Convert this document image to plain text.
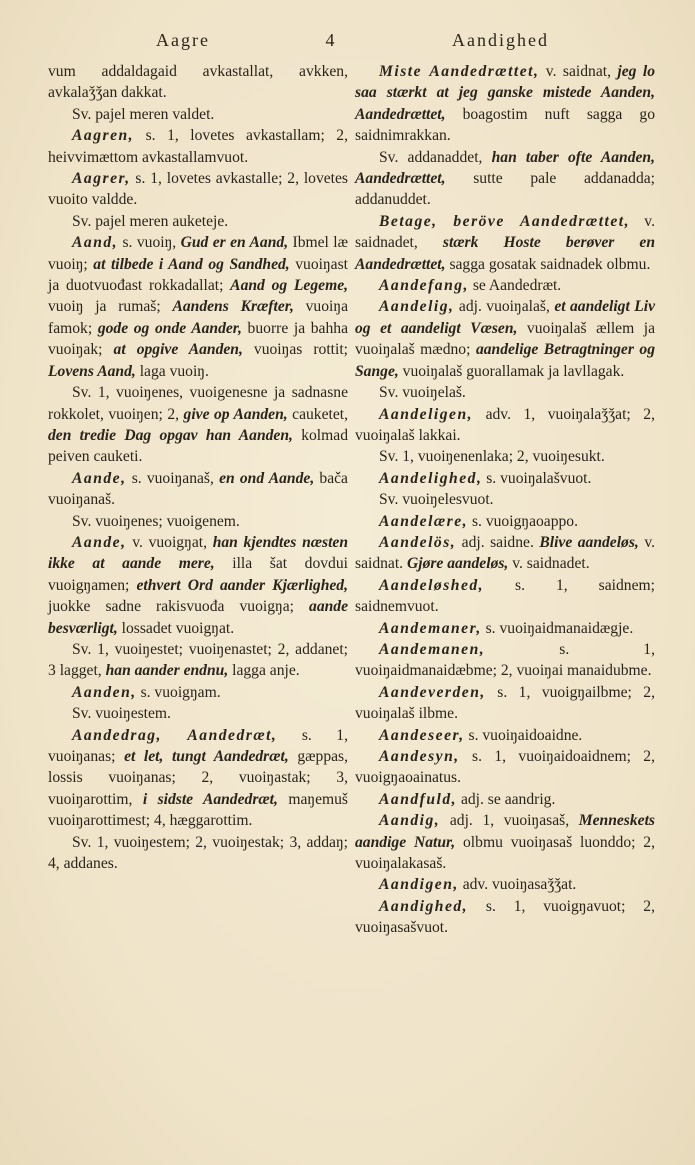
Aagre	4	Aandighed

vum addaldagaid avkastallat, avkken, avkalaǯǯan dakkat.

Sv. pajel meren valdet.

Aagren, s. 1, lovetes avkastallam; 2, heivvimættom avkastallamvuot.

Aagrer, s. 1, lovetes avkastalle; 2, lovetes vuoito valdde.

Sv. pajel meren auketeje.

Aand, s. vuoiŋ, Gud er en Aand, Ibmel læ vuoiŋ; at tilbede i Aand og Sandhed, vuoiŋast ja duotvuođast rokkadallat; Aand og Legeme, vuoiŋ ja rumaš; Aandens Kræfter, vuoiŋa famok; gode og onde Aander, buorre ja bahha vuoiŋak; at opgive Aanden, vuoiŋas rottit; Lovens Aand, laga vuoiŋ.

Sv. 1, vuoiŋenes, vuoigenesne ja sadnasne rokkolet, vuoiŋen; 2, give op Aanden, cauketet, den tredie Dag opgav han Aanden, kolmad peiven cauketi.

Aande, s. vuoiŋanaš, en ond Aande, bača vuoiŋanaš.

Sv. vuoiŋenes; vuoigenem.

Aande, v. vuoigŋat, han kjendtes næsten ikke at aande mere, illa šat dovdui vuoigŋamen; ethvert Ord aander Kjærlighed, juokke sadne rakisvuođa vuoigŋa; aande besværligt, lossadet vuoigŋat.

Sv. 1, vuoiŋestet; vuoiŋenastet; 2, addanet; 3 lagget, han aander endnu, lagga anje.

Aanden, s. vuoigŋam.

Sv. vuoiŋestem.

Aandedrag, Aandedræt, s. 1, vuoiŋanas; et let, tungt Aandedræt, gæppas, lossis vuoiŋanas; 2, vuoiŋastak; 3, vuoiŋarottim, i sidste Aandedræt, maŋemuš vuoiŋarottimest; 4, hæggarottim.

Sv. 1, vuoiŋestem; 2, vuoiŋestak; 3, addaŋ; 4, addanes.

Miste Aandedrættet, v. saidnat, jeg lo saa stærkt at jeg ganske mistede Aanden, Aandedrættet, boagostim nuft sagga go saidnimrakkan.

Sv. addanaddet, han taber ofte Aanden, Aandedrættet, sutte pale addanadda; addanuddet.

Betage, beröve Aandedrættet, v. saidnadet, stærk Hoste berøver en Aandedrættet, sagga gosatak saidnadek olbmu.

Aandefang, se Aandedræt.

Aandelig, adj. vuoiŋalaš, et aandeligt Liv og et aandeligt Væsen, vuoiŋalaš ællem ja vuoiŋalaš mædno; aandelige Betragtninger og Sange, vuoiŋalaš guorallamak ja lavllagak.

Sv. vuoiŋelaš.

Aandeligen, adv. 1, vuoiŋalaǯǯat; 2, vuoiŋalaš lakkai.

Sv. 1, vuoiŋenenlaka; 2, vuoiŋesukt.

Aandelighed, s. vuoiŋalašvuot.

Sv. vuoiŋelesvuot.

Aandelære, s. vuoigŋaoappo.

Aandelös, adj. saidne. Blive aandeløs, v. saidnat. Gjøre aandeløs, v. saidnadet.

Aandeløshed, s. 1, saidnem; saidnemvuot.

Aandemaner, s. vuoiŋaidmanaidægje.

Aandemanen, s. 1, vuoiŋaidmanaidæbme; 2, vuoiŋai manaidubme.

Aandeverden, s. 1, vuoigŋailbme; 2, vuoiŋalaš ilbme.

Aandeseer, s. vuoiŋaidoaidne.

Aandesyn, s. 1, vuoiŋaidoaidnem; 2, vuoigŋaoainatus.

Aandfuld, adj. se aandrig.

Aandig, adj. 1, vuoiŋasaš, Menneskets aandige Natur, olbmu vuoiŋasaš luonddo; 2, vuoiŋalakasaš.

Aandigen, adv. vuoiŋasaǯǯat.

Aandighed, s. 1, vuoigŋavuot; 2, vuoiŋasašvuot.
